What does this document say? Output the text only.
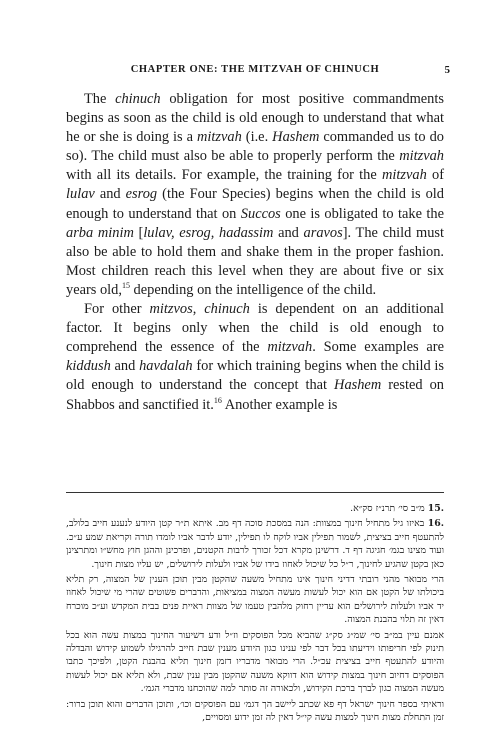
CHAPTER ONE: THE MITZVAH OF CHINUCH	5

The chinuch obligation for most positive commandments begins as soon as the child is old enough to understand that what he or she is doing is a mitzvah (i.e. Hashem commanded us to do so). The child must also be able to properly perform the mitzvah with all its details. For example, the training for the mitzvah of lulav and esrog (the Four Species) begins when the child is old enough to understand that on Succos one is obligated to take the arba minim [lulav, esrog, hadassim and aravos]. The child must also be able to hold them and shake them in the proper fashion. Most children reach this level when they are about five or six years old,$^{15}$ depending on the intelligence of the child.

For other mitzvos, chinuch is dependent on an additional factor. It begins only when the child is old enough to comprehend the essence of the mitzvah. Some examples are kiddush and havdalah for which training begins when the child is old enough to understand the concept that Hashem rested on Shabbos and sanctified it.$^{16}$ Another example is

.15 מ״ב סי׳ תרנ״ז סק״א.

.16 באיזו גיל מתחיל חינוך במצוות: הנה במסכת סוכה דף מב. איתא ת״ר קטן היודע לנענע חייב בלולב, להתעטף חייב בציצית, לשמור תפילין אביו לוקח לו תפילין, יודע לדבר אביו לומדו תורה וקריאת שמע ע״כ. ועוד מצינו בגמ׳ חגיגה דף ד. דרשינן מקרא דכל זכורך לרבות הקטנים, ופרכינן וההגן חוץ מחש״ו ומתרצינן כאן בקטן שהגיע לחינוך, ר״ל כל שיכול לאחוז בידו של אביו ולעלות לירושלים, יש עליו מצות חינוך.

הרי מבואר מהני רובתי דדיני חינוך אינו מתחיל משעה שהקטן מבין תוכן הענין של המצוה, רק תליא ביכולתו של הקטן אם הוא יכול לעשות מעשה המצוה במציאות, והדברים פשוטים שהרי מי שיכול לאחוז יד אביו ולעלות לירושלים הוא עדיין רחוק מלהבין טעמו של מצוות ראיית פנים בבית המקדש וע״כ מוכרח דאין זה תלוי בהבנת המצוה.

אמנם עיין במ״ב סי׳ שמ״ג סק״ג שהביא מכל הפוסקים וז״ל ודע דשיעור החינוך במצות עשה הוא בכל תינוק לפי חריפותו וידיעתו בכל דבר לפי ענינו כגון היודע מענין שבת חייב להרגילו לשמוע קידוש והבדלה והיודע להתעטף חייב בציצית עכ״ל. הרי מבואר מדבריו דזמן חינוך תליא בהבנת הקטן, ולפיכך כתבו הפוסקים דחיוב חינוך במצות קידוש הוא דווקא משעה שהקטן מבין ענין שבת, ולא תליא אם יכול לעשות מעשה המצוה כגון לברך ברכת הקידוש, ולכאורה זה סותר למה שהוכחנו מדברי הגמ׳.

וראיתי בספר חינוך ישראל דף פא שכתב ליישב הך דגמ׳ עם הפוסקים וכו׳, ותוכן הדברים והוא תוכן ברור: זמן התחלת מצות חינוך למצות עשה קי״ל דאין לה זמן ידוע ומסויים,
